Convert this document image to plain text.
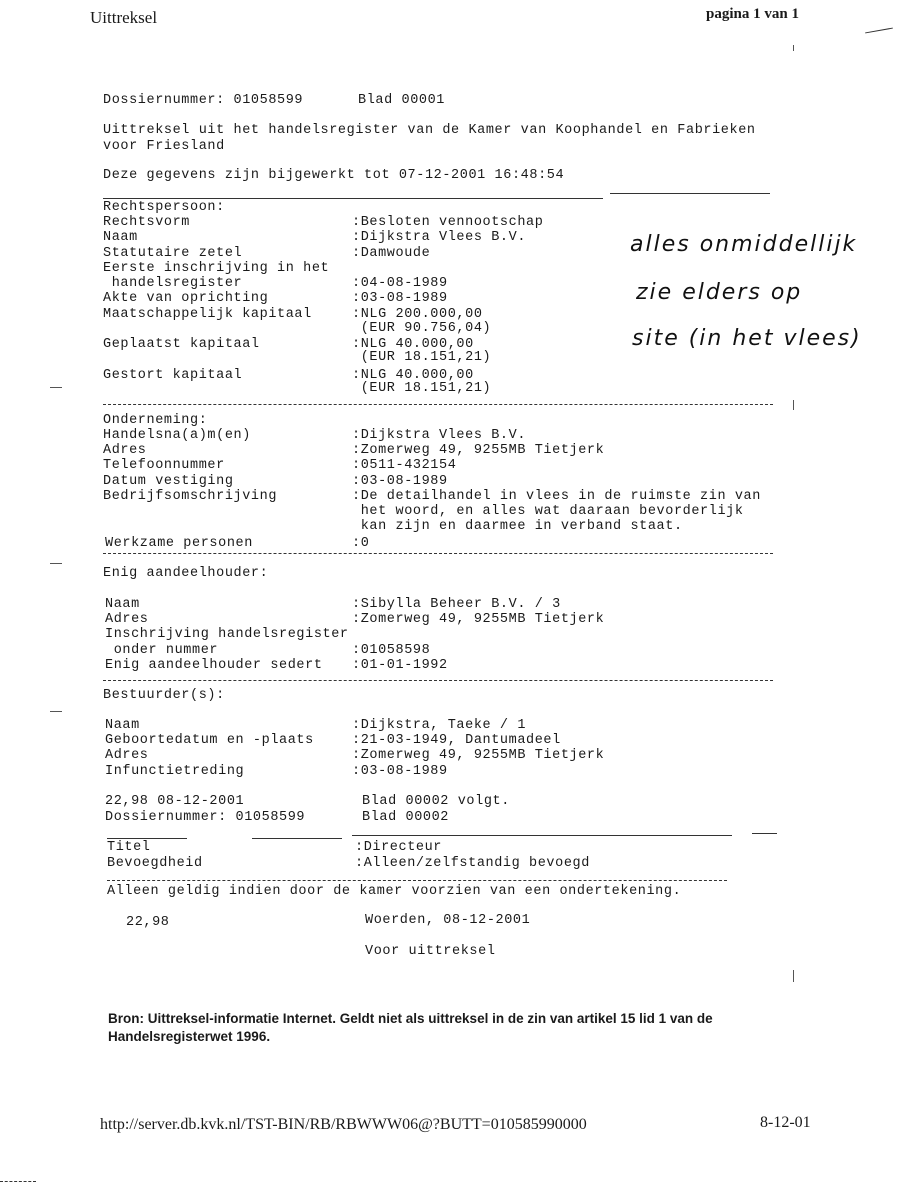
Uittreksel	pagina 1 van 1
Dossiernummer: 01058599	Blad 00001
Uittreksel uit het handelsregister van de Kamer van Koophandel en Fabrieken
voor Friesland
Deze gegevens zijn bijgewerkt tot 07-12-2001 16:48:54
Rechtspersoon:
Rechtsvorm	:Besloten vennootschap
Naam	:Dijkstra Vlees B.V.
Statutaire zetel	:Damwoude
Eerste inschrijving in het
handelsregister	:04-08-1989
Akte van oprichting	:03-08-1989
Maatschappelijk kapitaal	:NLG 200.000,00
(EUR 90.756,04)
Geplaatst kapitaal	:NLG 40.000,00
(EUR 18.151,21)
Gestort kapitaal	:NLG 40.000,00
(EUR 18.151,21)
alles onmiddellijk
zie elders op
site (in het vlees)
Onderneming:
Handelsna(a)m(en)	:Dijkstra Vlees B.V.
Adres	:Zomerweg 49, 9255MB Tietjerk
Telefoonnummer	:0511-432154
Datum vestiging	:03-08-1989
Bedrijfsomschrijving	:De detailhandel in vlees in de ruimste zin van
het woord, en alles wat daaraan bevorderlijk
kan zijn en daarmee in verband staat.
Werkzame personen	:0
Enig aandeelhouder:
Naam	:Sibylla Beheer B.V. / 3
Adres	:Zomerweg 49, 9255MB Tietjerk
Inschrijving handelsregister
onder nummer	:01058598
Enig aandeelhouder sedert :01-01-1992
Bestuurder(s):
Naam	:Dijkstra, Taeke / 1
Geboortedatum en -plaats	:21-03-1949, Dantumadeel
Adres	:Zomerweg 49, 9255MB Tietjerk
Infunctietreding	:03-08-1989
22,98 08-12-2001	Blad 00002 volgt.
Dossiernummer: 01058599	Blad 00002
Titel	:Directeur
Bevoegdheid	:Alleen/zelfstandig bevoegd
Alleen geldig indien door de kamer voorzien van een ondertekening.
22,98	Woerden, 08-12-2001
Voor uittreksel
Bron: Uittreksel-informatie Internet. Geldt niet als uittreksel in de zin van artikel 15 lid 1 van de Handelsregisterwet 1996.
http://server.db.kvk.nl/TST-BIN/RB/RBWWW06@?BUTT=010585990000	8-12-01
